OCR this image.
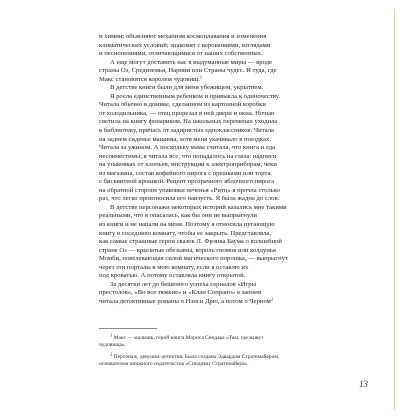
и химии; объясняют механизм космоплавания и изменения
климатических условий; знакомят с верованиями, взглядами
и песнопениями, отличающимися от наших собственных.
А еще могут доставить нас в выдуманные миры — вроде
страны Оз, Средиземья, Нарнии или Страны чудес. И туда, где
Макс становится королем чудовищ.$^1$
В детстве книги были для меня убежищем, укрытием.
Я росла единственным ребенком и привыкла к одиночеству.
Читала обычно в домике, сделанном из картонной коробки
от холодильника, — отец прорезал в ней двери и окна. Ночью
светила на книгу фонариком. На школьных переменах уходила
в библиотеку, прячась от задиристых одноклассников. Читала
на заднем сиденье машины, хотя меня укачивало в поездках.
Читала за ужином. А поскольку мама считала, что книга и еда
несовместимы, я читала все, что попадалось на глаза: надписи
на упаковках от хлопьев, инструкции к электроприборам, чеки
из магазина, состав кофейного пирога с орешками или торта
с бисквитной крошкой. Рецепт прозрачного яблочного пирога
на обратной стороне упаковки печенья «Ритц» я прочла столько
раз, что легко произносила его наизусть. Я была жадна до слов.
В детстве персонажи некоторых историй казались мне такими
реальными, что я опасалась, как бы они не выпрыгнули
из книги и не напали на меня. Поэтому я относила пугающую
книгу в соседнюю комнату, чтобы ее закрыть. Представляла,
как самые страшные герои сказок Л. Фрэнка Баума о волшебной
стране Оз — крылатые обезьяны, король гномов или колдунья
Момби, повелевающая силой магического порошка, — выпрыгнут
через эти порталы в мою комнату, если я оставлю их
под кроватью. А потому оставляла книгу открытой.
За десятки лет до бешеного успеха сериалов «Игры
престолов», «Во все тяжкие» и «Клан Сопрано» я запоем
читала детективные романы о Нэнси Дрю, а потом о Черном$^2$
$^1$ Макс — мальчик, герой книги Мориса Сендака «Там, где живут
чудовища».
$^2$ Персонаж, девушка-детектив. Была создана Эдвардом Стратемайером,
основателем книжного издательства «Синдикат Стратемайера».
13
